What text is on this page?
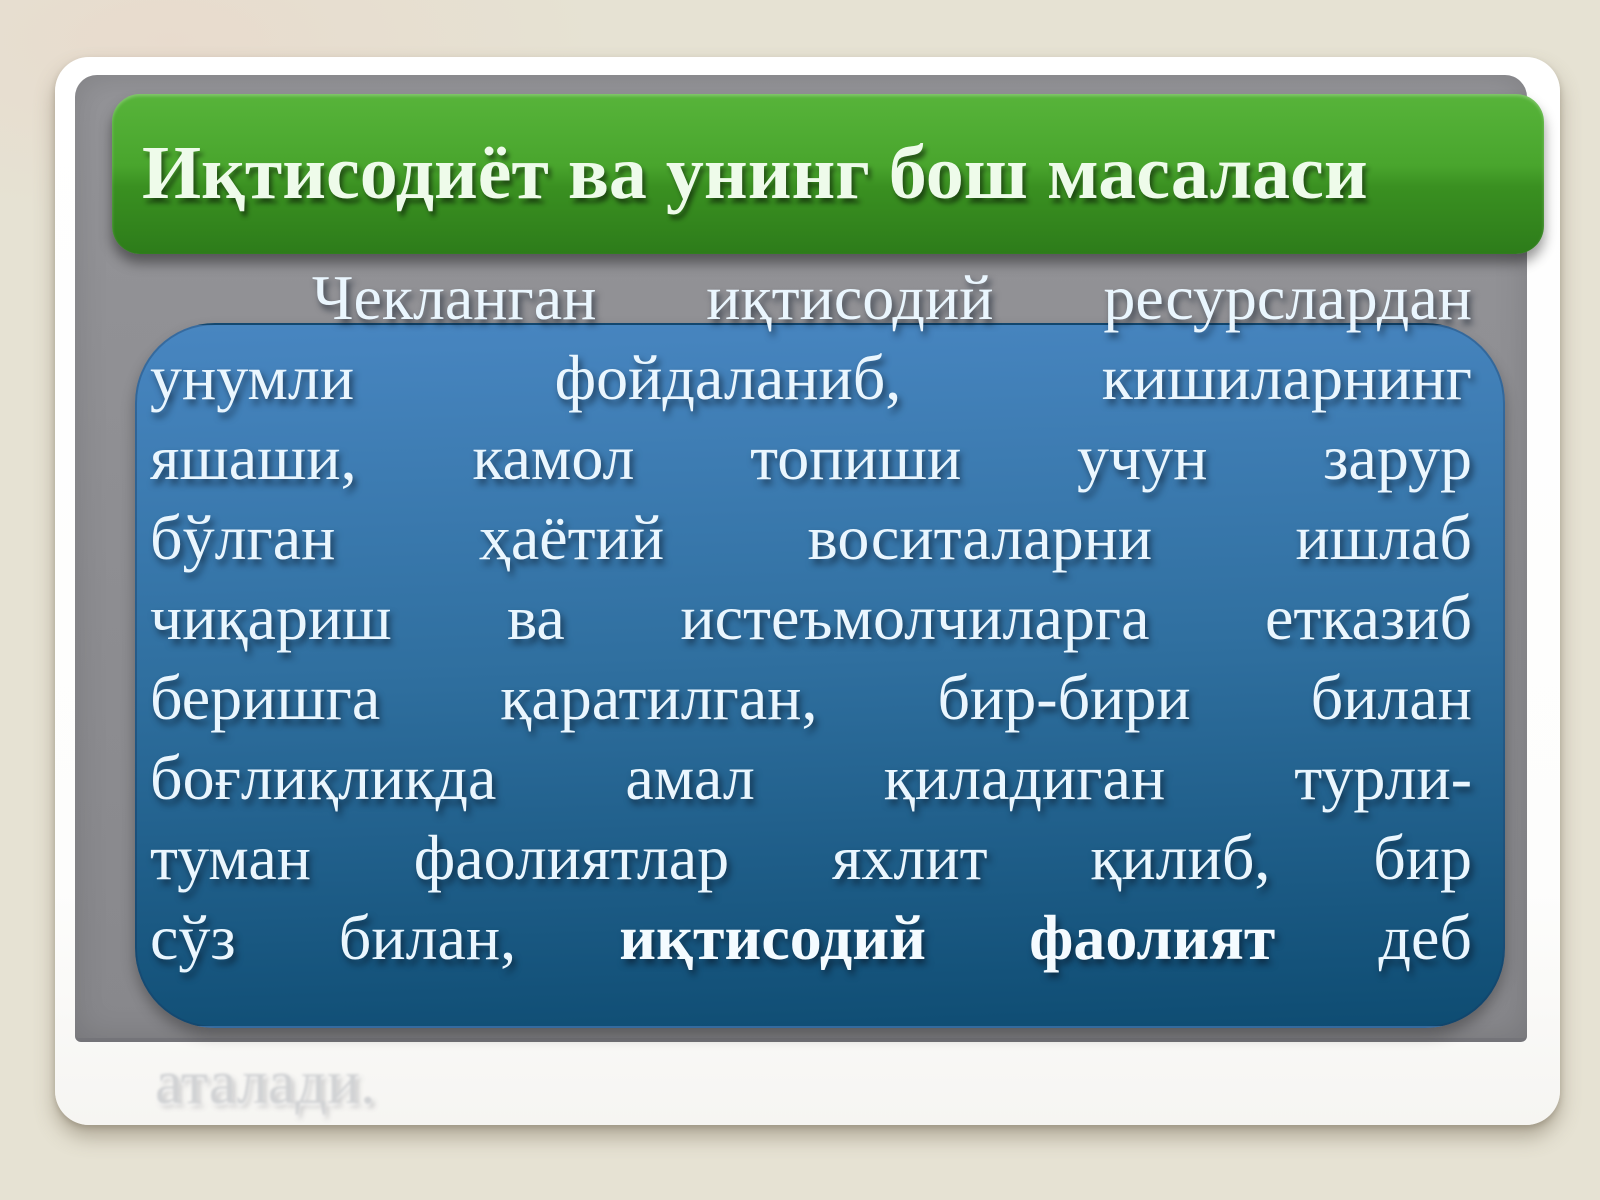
Иқтисодиёт ва унинг бош масаласи
Чекланган иқтисодий ресурслардан
унумли	фойдаланиб,	кишиларнинг
яшаши, камол топиши учун зарур
бўлган ҳаётий воситаларни ишлаб
чиқариш ва истеъмолчиларга етказиб
беришга қаратилган, бир-бири билан
боғлиқликда амал қиладиган турли-
туман фаолиятлар яхлит қилиб, бир
сўз билан, иқтисодий фаолият деб
аталади.
